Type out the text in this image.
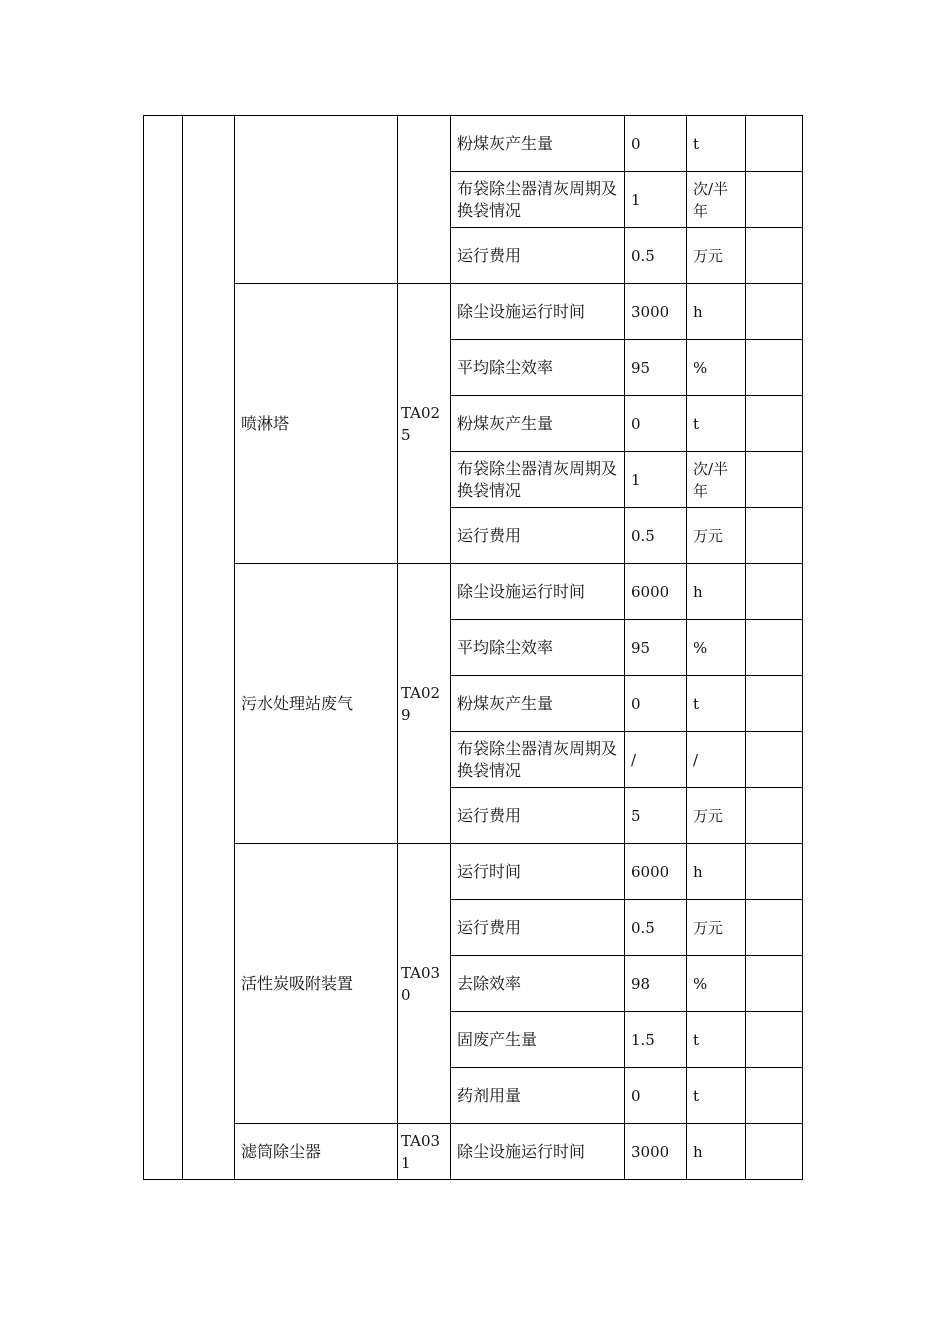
				粉煤灰产生量	0	t	
				布袋除尘器清灰周期及换袋情况	1	次/半年	
				运行费用	0.5	万元	
		喷淋塔	TA025	除尘设施运行时间	3000	h	
				平均除尘效率	95	%	
				粉煤灰产生量	0	t	
				布袋除尘器清灰周期及换袋情况	1	次/半年	
				运行费用	0.5	万元	
		污水处理站废气	TA029	除尘设施运行时间	6000	h	
				平均除尘效率	95	%	
				粉煤灰产生量	0	t	
				布袋除尘器清灰周期及换袋情况	/	/	
				运行费用	5	万元	
		活性炭吸附装置	TA030	运行时间	6000	h	
				运行费用	0.5	万元	
				去除效率	98	%	
				固废产生量	1.5	t	
				药剂用量	0	t	
		滤筒除尘器	TA031	除尘设施运行时间	3000	h	
